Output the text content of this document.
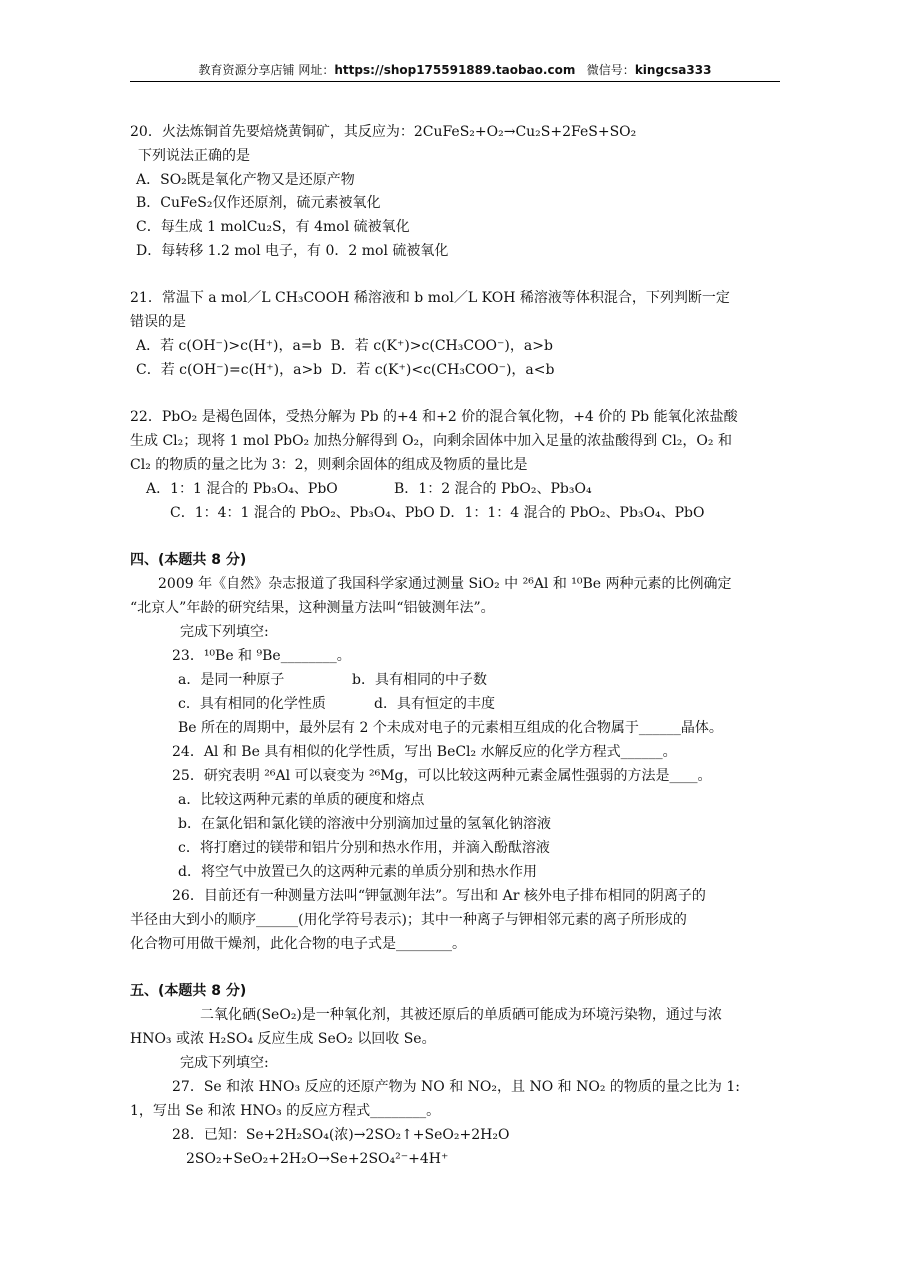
教育资源分享店铺 网址：https://shop175591889.taobao.com 微信号：kingcsa333
20．火法炼铜首先要焙烧黄铜矿，其反应为：2CuFeS₂+O₂→Cu₂S+2FeS+SO₂
下列说法正确的是
A．SO₂既是氧化产物又是还原产物
B．CuFeS₂仅作还原剂，硫元素被氧化
C．每生成 1 molCu₂S，有 4mol 硫被氧化
D．每转移 1.2 mol 电子，有 0．2 mol 硫被氧化
21．常温下 a mol／L CH₃COOH 稀溶液和 b mol／L KOH 稀溶液等体积混合，下列判断一定
错误的是
A．若 c(OH⁻)>c(H⁺)，a=b B．若 c(K⁺)>c(CH₃COO⁻)，a>b
C．若 c(OH⁻)=c(H⁺)，a>b D．若 c(K⁺)<c(CH₃COO⁻)，a<b
22．PbO₂ 是褐色固体，受热分解为 Pb 的+4 和+2 价的混合氧化物，+4 价的 Pb 能氧化浓盐酸
生成 Cl₂；现将 1 mol PbO₂ 加热分解得到 O₂，向剩余固体中加入足量的浓盐酸得到 Cl₂，O₂ 和
Cl₂ 的物质的量之比为 3：2，则剩余固体的组成及物质的量比是
A．1：1 混合的 Pb₃O₄、PbO	B．1：2 混合的 PbO₂、Pb₃O₄
C．1：4：1 混合的 PbO₂、Pb₃O₄、PbO D．1：1：4 混合的 PbO₂、Pb₃O₄、PbO
四、(本题共 8 分)
2009 年《自然》杂志报道了我国科学家通过测量 SiO₂ 中 ²⁶Al 和 ¹⁰Be 两种元素的比例确定
“北京人”年龄的研究结果，这种测量方法叫“铝铍测年法”。
完成下列填空:
23．¹⁰Be 和 ⁹Be________。
a．是同一种原子	b．具有相同的中子数
c．具有相同的化学性质	d．具有恒定的丰度
Be 所在的周期中，最外层有 2 个未成对电子的元素相互组成的化合物属于______晶体。
24．Al 和 Be 具有相似的化学性质，写出 BeCl₂ 水解反应的化学方程式______。
25．研究表明 ²⁶Al 可以衰变为 ²⁶Mg，可以比较这两种元素金属性强弱的方法是____。
a．比较这两种元素的单质的硬度和熔点
b．在氯化铝和氯化镁的溶液中分别滴加过量的氢氧化钠溶液
c．将打磨过的镁带和铝片分别和热水作用，并滴入酚酞溶液
d．将空气中放置已久的这两种元素的单质分别和热水作用
26．目前还有一种测量方法叫“钾氩测年法”。写出和 Ar 核外电子排布相同的阴离子的
半径由大到小的顺序______(用化学符号表示)；其中一种离子与钾相邻元素的离子所形成的
化合物可用做干燥剂，此化合物的电子式是________。
五、(本题共 8 分)
二氧化硒(SeO₂)是一种氧化剂，其被还原后的单质硒可能成为环境污染物，通过与浓
HNO₃ 或浓 H₂SO₄ 反应生成 SeO₂ 以回收 Se。
完成下列填空:
27．Se 和浓 HNO₃ 反应的还原产物为 NO 和 NO₂，且 NO 和 NO₂ 的物质的量之比为 1:
1，写出 Se 和浓 HNO₃ 的反应方程式________。
28．已知：Se+2H₂SO₄(浓)→2SO₂↑+SeO₂+2H₂O
2SO₂+SeO₂+2H₂O→Se+2SO₄²⁻+4H⁺
